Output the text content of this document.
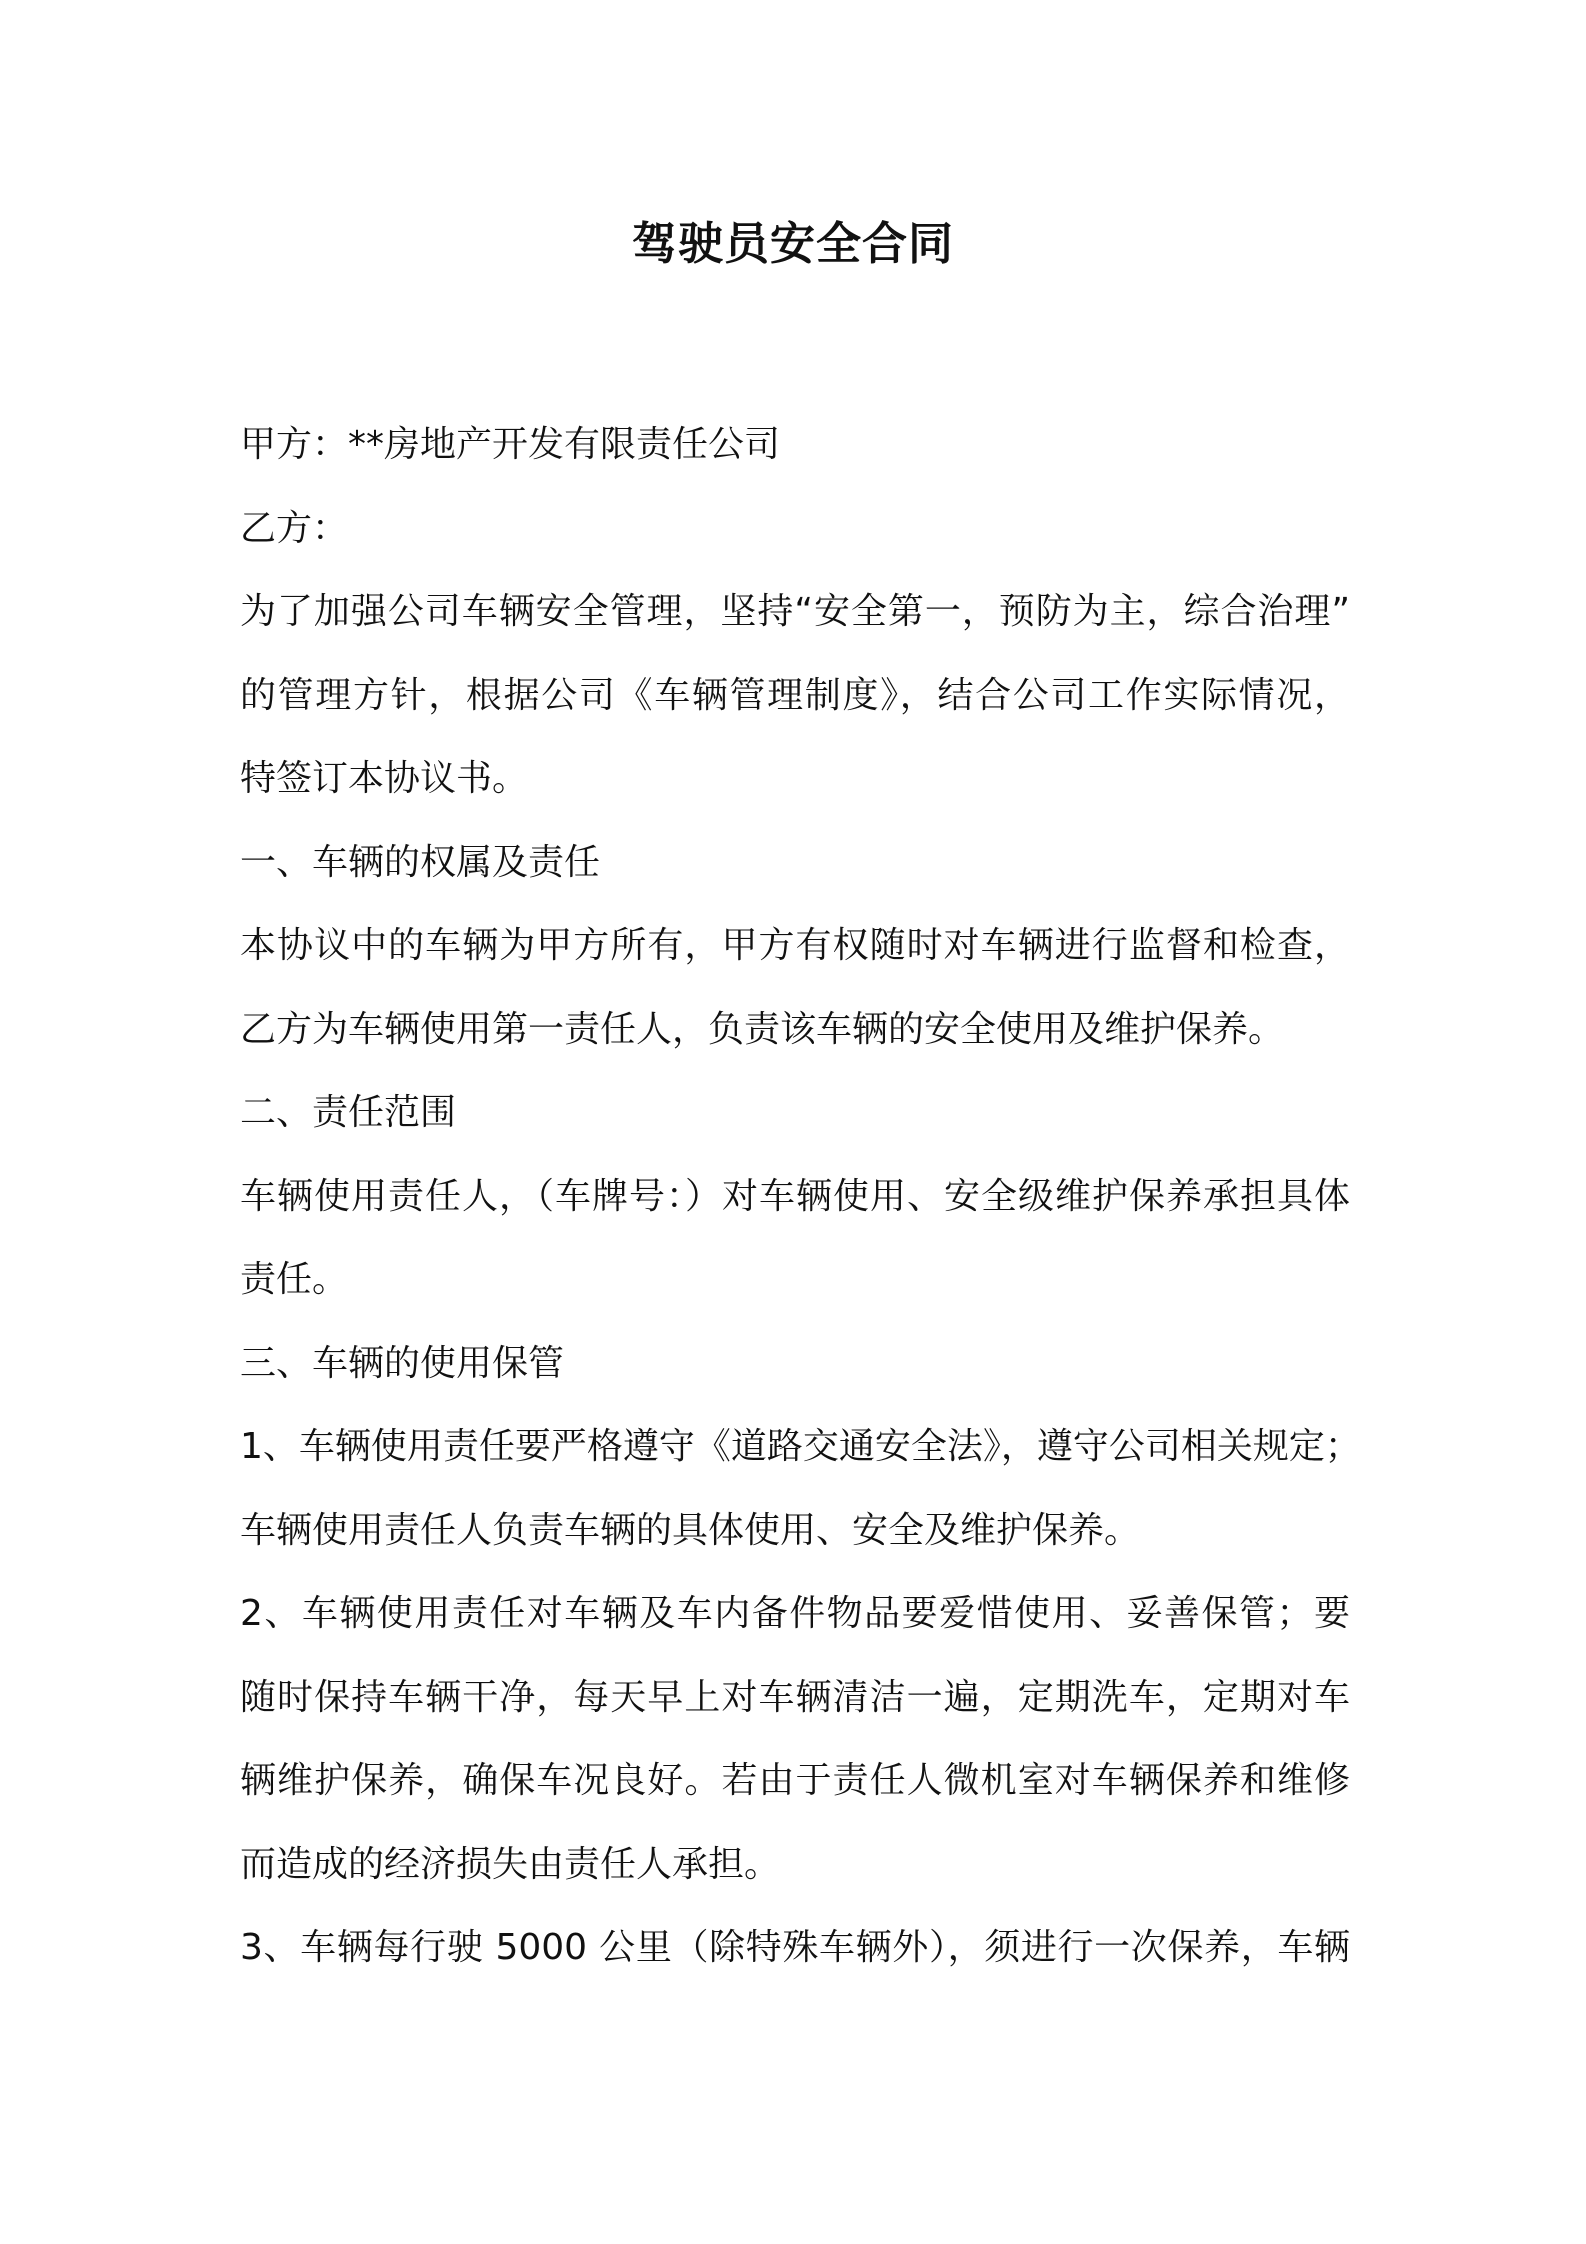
驾驶员安全合同
甲方：**房地产开发有限责任公司
乙方：
为了加强公司车辆安全管理，坚持“安全第一，预防为主，综合治理”
的管理方针，根据公司《车辆管理制度》，结合公司工作实际情况，
特签订本协议书。
一、车辆的权属及责任
本协议中的车辆为甲方所有，甲方有权随时对车辆进行监督和检查，
乙方为车辆使用第一责任人，负责该车辆的安全使用及维护保养。
二、责任范围
车辆使用责任人，（车牌号：）对车辆使用、安全级维护保养承担具体
责任。
三、车辆的使用保管
1、车辆使用责任要严格遵守《道路交通安全法》，遵守公司相关规定；
车辆使用责任人负责车辆的具体使用、安全及维护保养。
2、车辆使用责任对车辆及车内备件物品要爱惜使用、妥善保管；要
随时保持车辆干净，每天早上对车辆清洁一遍，定期洗车，定期对车
辆维护保养，确保车况良好。若由于责任人微机室对车辆保养和维修
而造成的经济损失由责任人承担。
3、车辆每行驶 5000 公里（除特殊车辆外），须进行一次保养，车辆
